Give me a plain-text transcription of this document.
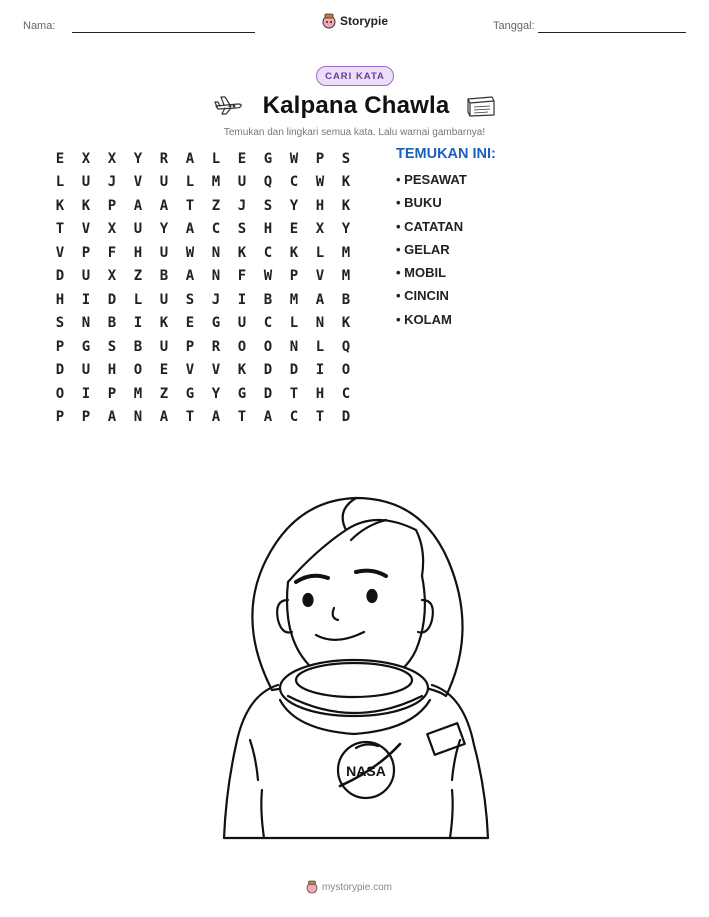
Nama:	Storypie	Tanggal:
CARI KATA
Kalpana Chawla
Temukan dan lingkari semua kata. Lalu warnai gambarnya!
E	X	X	Y	R	A	L	E	G	W	P	S
L	U	J	V	U	L	M	U	Q	C	W	K
K	K	P	A	A	T	Z	J	S	Y	H	K
T	V	X	U	Y	A	C	S	H	E	X	Y
V	P	F	H	U	W	N	K	C	K	L	M
D	U	X	Z	B	A	N	F	W	P	V	M
H	I	D	L	U	S	J	I	B	M	A	B
S	N	B	I	K	E	G	U	C	L	N	K
P	G	S	B	U	P	R	O	O	N	L	Q
D	U	H	O	E	V	V	K	D	D	I	O
O	I	P	M	Z	G	Y	G	D	T	H	C
P	P	A	N	A	T	A	T	A	C	T	D
TEMUKAN INI:
• PESAWAT
• BUKU
• CATATAN
• GELAR
• MOBIL
• CINCIN
• KOLAM
NASA
mystorypie.com
